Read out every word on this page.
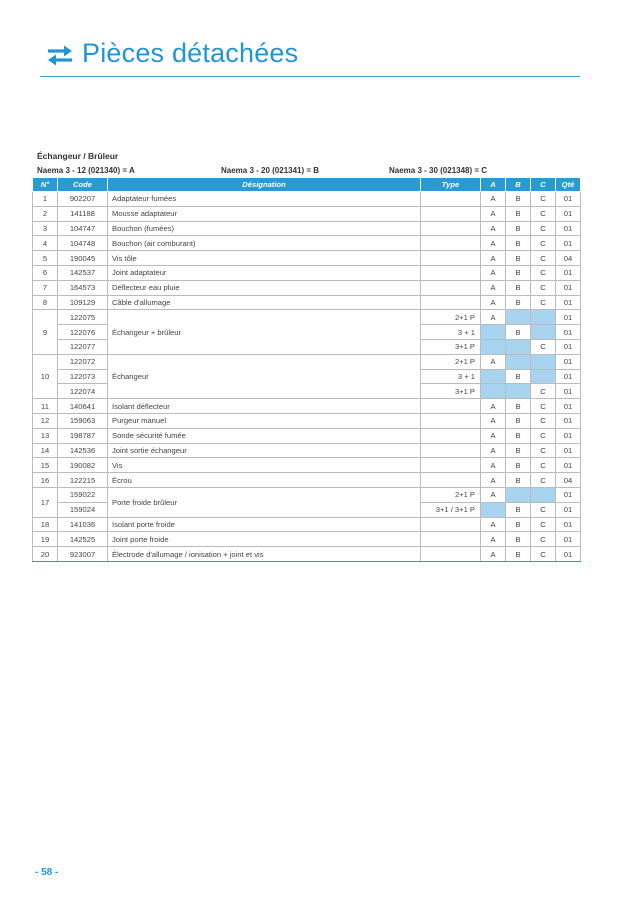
Pièces détachées
Échangeur / Brûleur
Naema 3 - 12 (021340) = A	Naema 3 - 20 (021341) = B	Naema 3 - 30 (021348) = C
N°	Code	Désignation	Type	A	B	C	Qté
1	902207	Adaptateur fumées		A	B	C	01
2	141188	Mousse adaptateur		A	B	C	01
3	104747	Bouchon (fumées)		A	B	C	01
4	104748	Bouchon (air comburant)		A	B	C	01
5	190045	Vis tôle		A	B	C	04
6	142537	Joint adaptateur		A	B	C	01
7	164573	Déflecteur eau pluie		A	B	C	01
8	109129	Câble d'allumage		A	B	C	01
9	122075	Échangeur + brûleur	2+1 P	A			01
	122076		3 + 1		B		01
	122077		3+1 P			C	01
10	122072	Échangeur	2+1 P	A			01
	122073		3 + 1		B		01
	122074		3+1 P			C	01
11	140641	Isolant déflecteur		A	B	C	01
12	159063	Purgeur manuel		A	B	C	01
13	198787	Sonde sécurité fumée		A	B	C	01
14	142536	Joint sortie échangeur		A	B	C	01
15	190082	Vis		A	B	C	01
16	122215	Écrou		A	B	C	04
17	159022	Porte froide brûleur	2+1 P	A			01
	159024		3+1 / 3+1 P		B	C	01
18	141036	Isolant porte froide		A	B	C	01
19	142525	Joint porte froide		A	B	C	01
20	923007	Électrode d'allumage / ionisation + joint et vis		A	B	C	01
- 58 -
